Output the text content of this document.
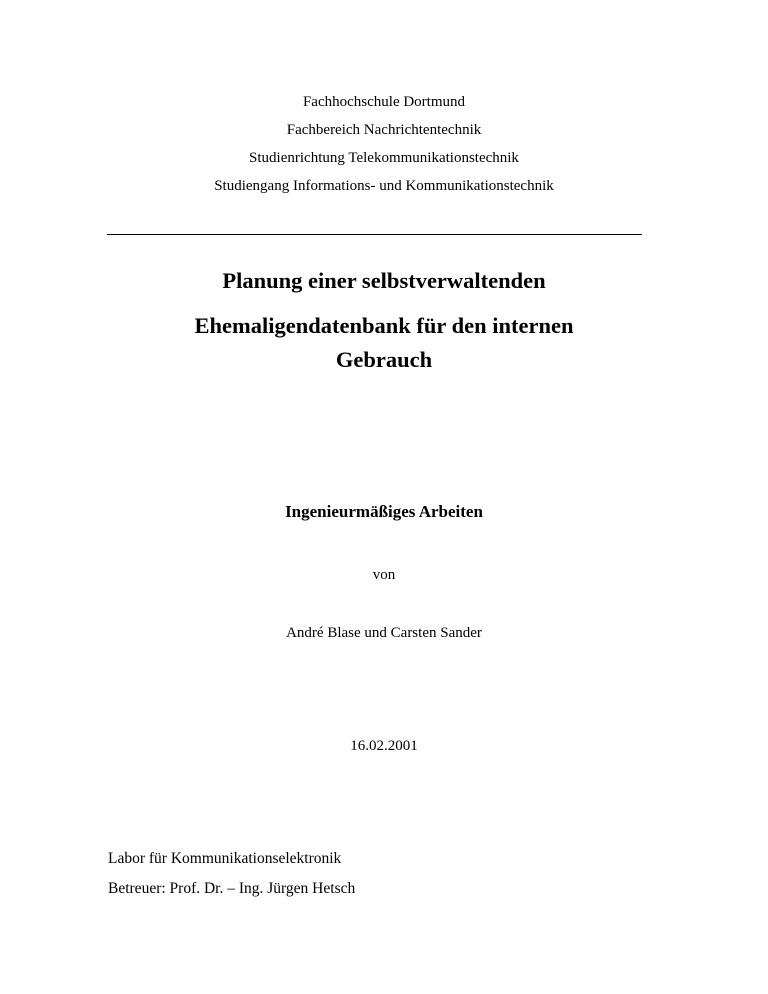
Fachhochschule Dortmund
Fachbereich Nachrichtentechnik
Studienrichtung Telekommunikationstechnik
Studiengang Informations- und Kommunikationstechnik
Planung einer selbstverwaltenden
Ehemaligendatenbank für den internen
Gebrauch
Ingenieurmäßiges Arbeiten
von
André Blase und Carsten Sander
16.02.2001
Labor für Kommunikationselektronik
Betreuer: Prof. Dr. – Ing. Jürgen Hetsch
